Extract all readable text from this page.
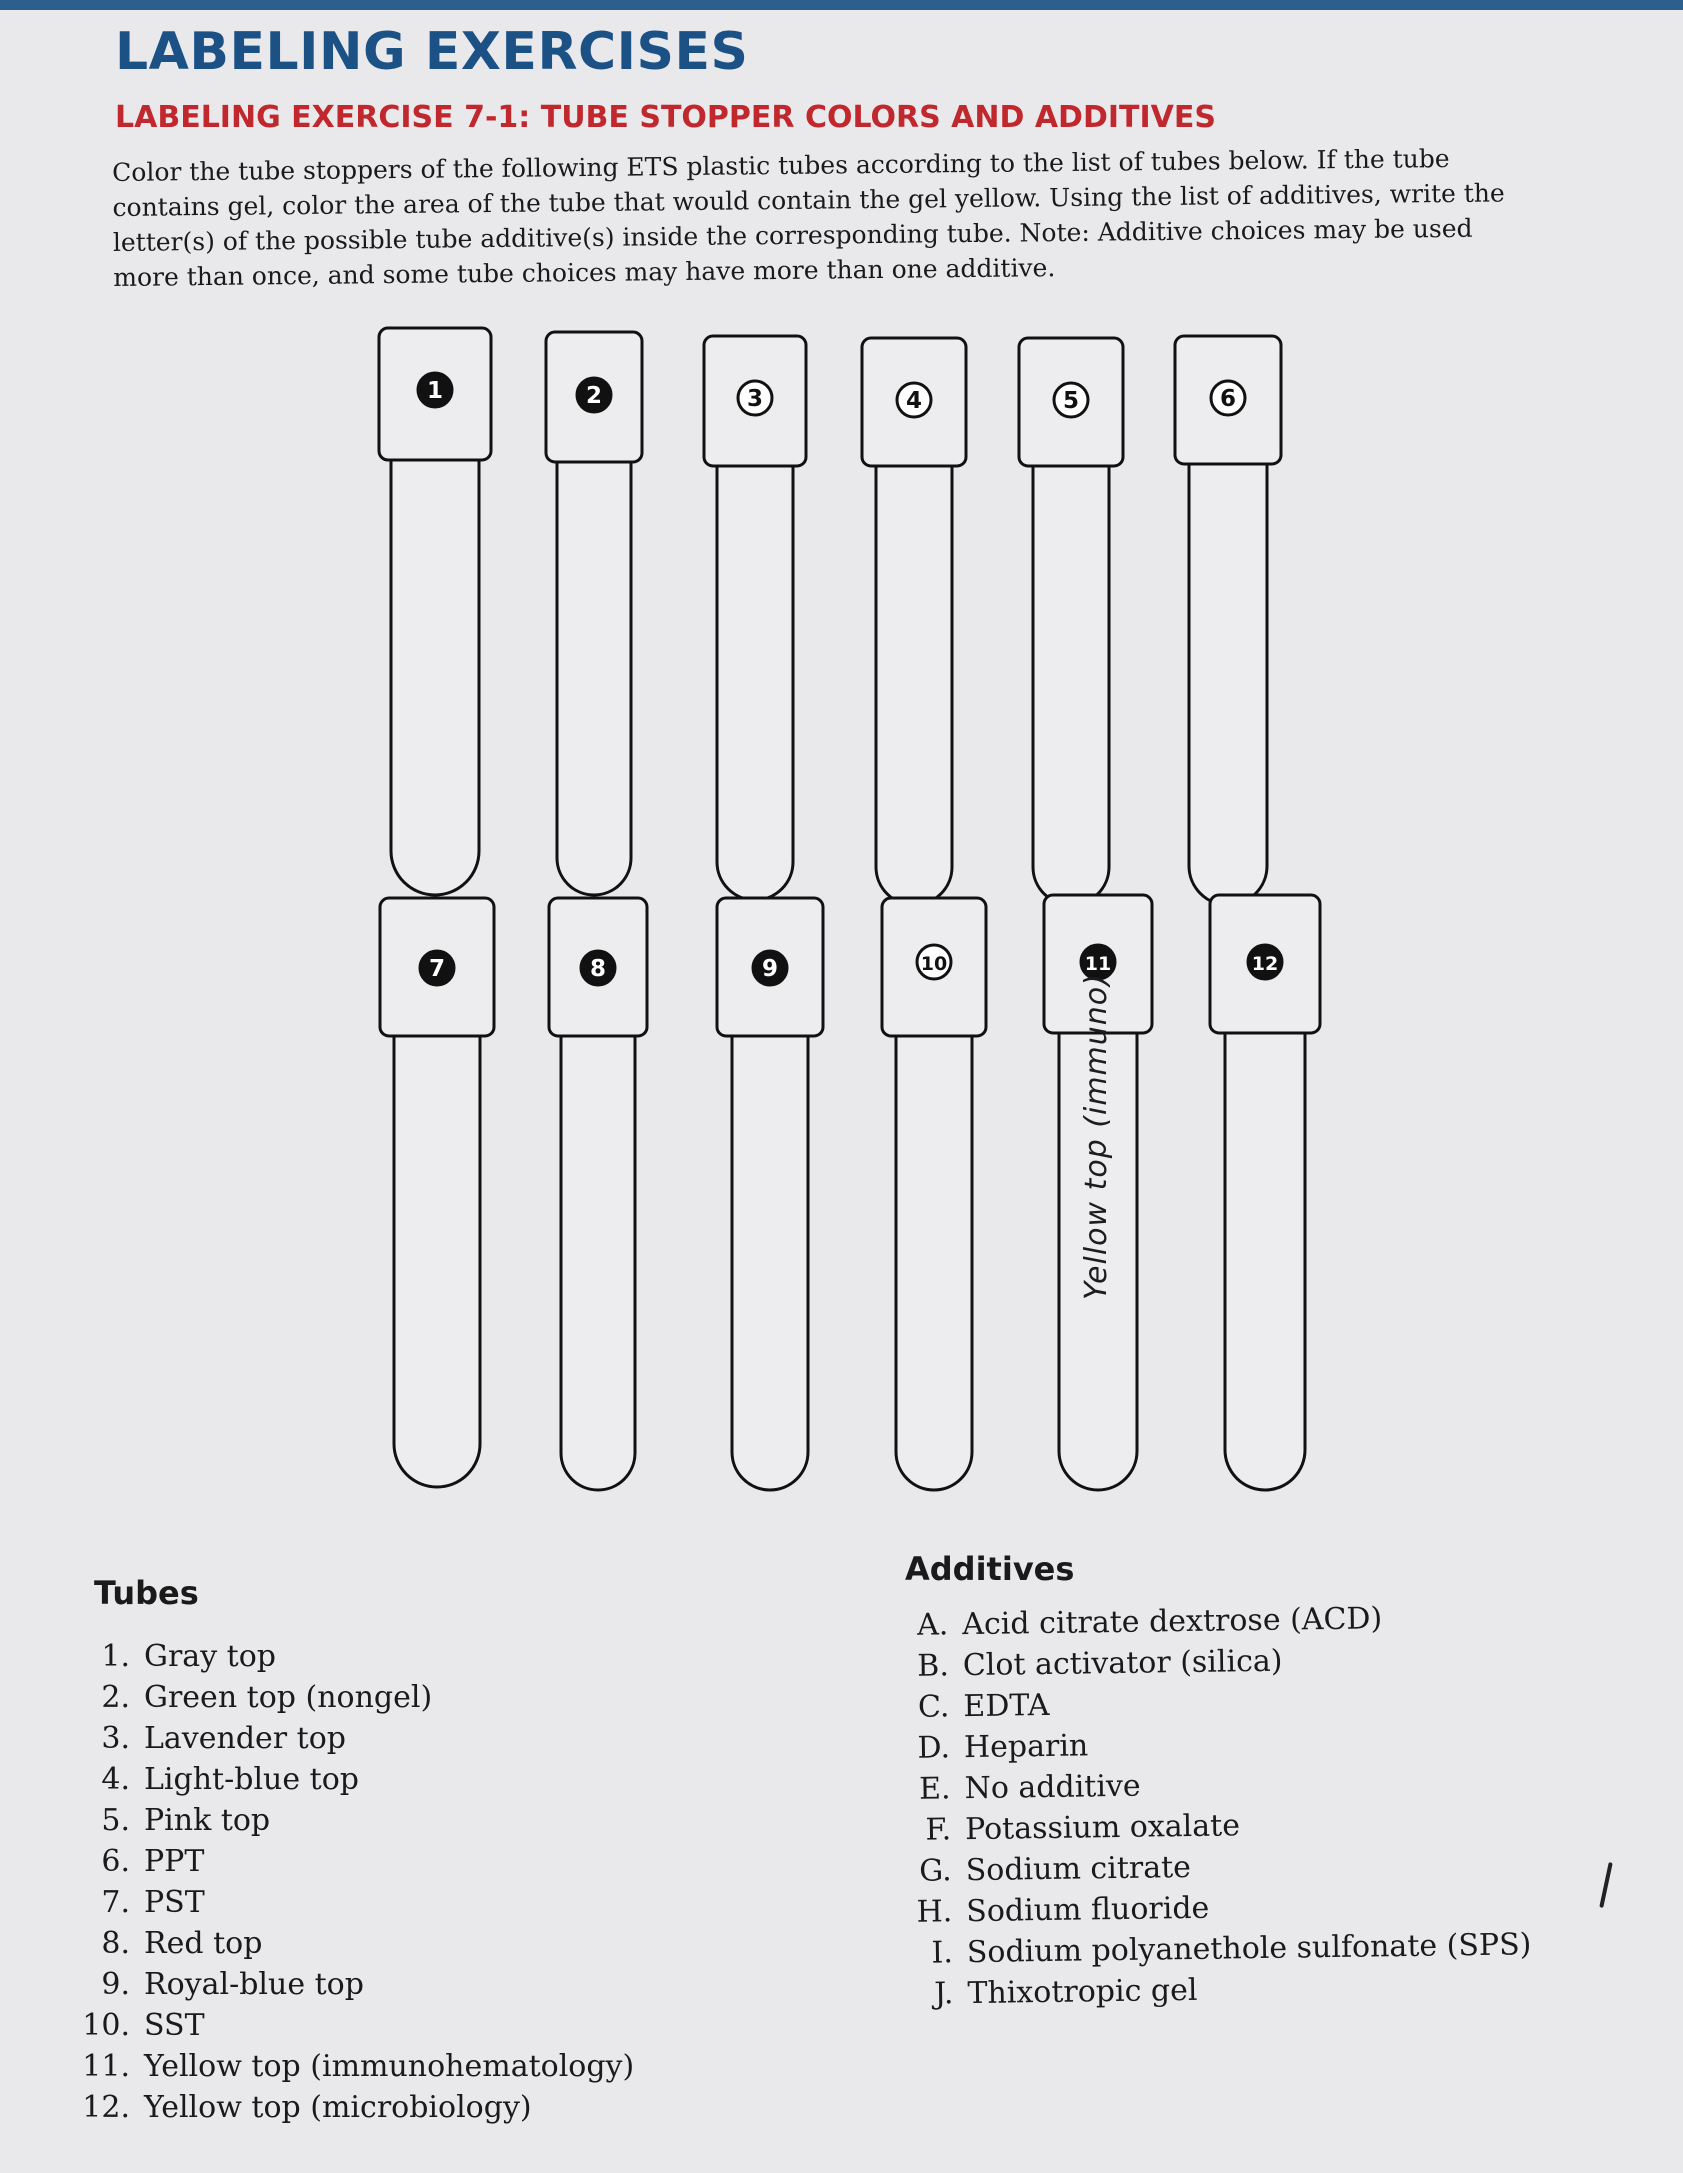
LABELING EXERCISES
LABELING EXERCISE 7-1: TUBE STOPPER COLORS AND ADDITIVES

Color the tube stoppers of the following ETS plastic tubes according to the list of tubes below. If the tube contains gel, color the area of the tube that would contain the gel yellow. Using the list of additives, write the letter(s) of the possible tube additive(s) inside the corresponding tube. Note: Additive choices may be used more than once, and some tube choices may have more than one additive.

1	2	3	4	5	6
7	8	9	10	11	12
Yellow top (immuno)
Tubes
1. Gray top
2. Green top (nongel)
3. Lavender top
4. Light-blue top
5. Pink top
6. PPT
7. PST
8. Red top
9. Royal-blue top
10. SST
11. Yellow top (immunohematology)
12. Yellow top (microbiology)
Additives
A. Acid citrate dextrose (ACD)
B. Clot activator (silica)
C. EDTA
D. Heparin
E. No additive
F. Potassium oxalate
G. Sodium citrate
H. Sodium fluoride
I. Sodium polyanethole sulfonate (SPS)
J. Thixotropic gel
